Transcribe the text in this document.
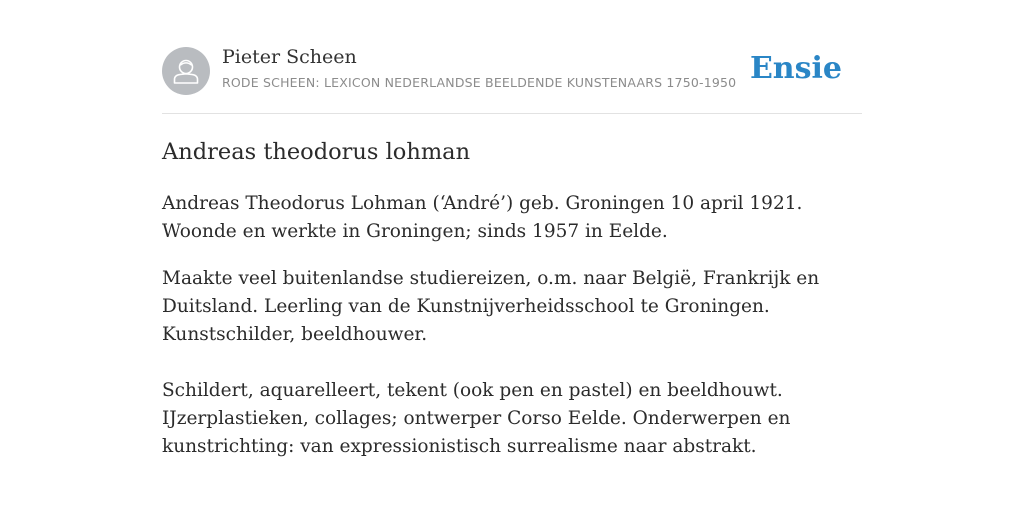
Pieter Scheen
RODE SCHEEN: LEXICON NEDERLANDSE BEELDENDE KUNSTENAARS 1750-1950 Ensie
Andreas theodorus lohman

Andreas Theodorus Lohman (‘André’) geb. Groningen 10 april 1921. Woonde en werkte in Groningen; sinds 1957 in Eelde.

Maakte veel buitenlandse studiereizen, o.m. naar België, Frankrijk en Duitsland. Leerling van de Kunstnijverheidsschool te Groningen. Kunstschilder, beeldhouwer.

Schildert, aquarelleert, tekent (ook pen en pastel) en beeldhouwt. IJzerplastieken, collages; ontwerper Corso Eelde. Onderwerpen en kunstrichting: van expressionistisch surrealisme naar abstrakt.
